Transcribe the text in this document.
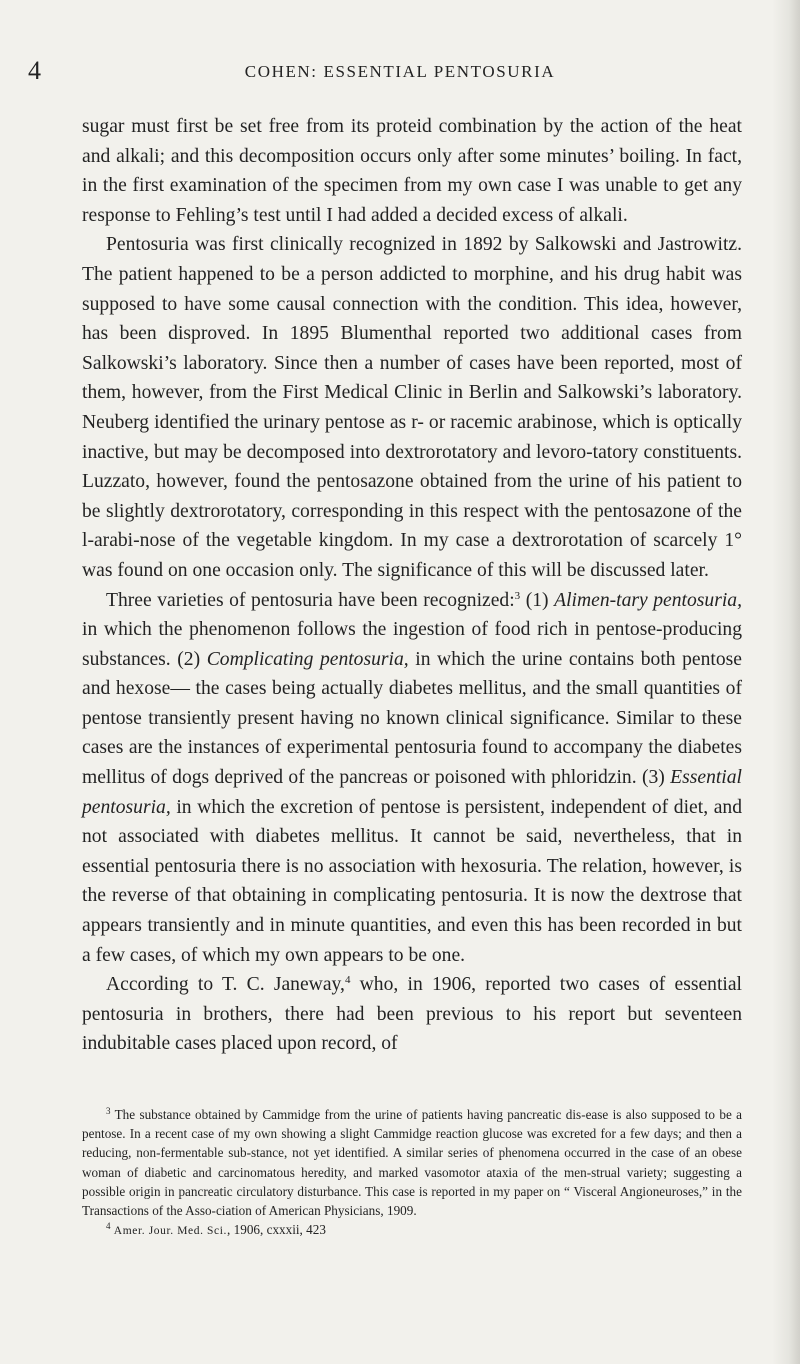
4	COHEN: ESSENTIAL PENTOSURIA

sugar must first be set free from its proteid combination by the action of the heat and alkali; and this decomposition occurs only after some minutes’ boiling. In fact, in the first examination of the specimen from my own case I was unable to get any response to Fehling’s test until I had added a decided excess of alkali.

Pentosuria was first clinically recognized in 1892 by Salkowski and Jastrowitz. The patient happened to be a person addicted to morphine, and his drug habit was supposed to have some causal connection with the condition. This idea, however, has been disproved. In 1895 Blumenthal reported two additional cases from Salkowski’s laboratory. Since then a number of cases have been reported, most of them, however, from the First Medical Clinic in Berlin and Salkowski’s laboratory. Neuberg identified the urinary pentose as r- or racemic arabinose, which is optically inactive, but may be decomposed into dextrorotatory and levoro-tatory constituents. Luzzato, however, found the pentosazone obtained from the urine of his patient to be slightly dextrorotatory, corresponding in this respect with the pentosazone of the l-arabi-nose of the vegetable kingdom. In my case a dextrorotation of scarcely 1° was found on one occasion only. The significance of this will be discussed later.

Three varieties of pentosuria have been recognized:$^3$ (1) Alimen-tary pentosuria, in which the phenomenon follows the ingestion of food rich in pentose-producing substances. (2) Complicating pentosuria, in which the urine contains both pentose and hexose— the cases being actually diabetes mellitus, and the small quantities of pentose transiently present having no known clinical significance. Similar to these cases are the instances of experimental pentosuria found to accompany the diabetes mellitus of dogs deprived of the pancreas or poisoned with phloridzin. (3) Essential pentosuria, in which the excretion of pentose is persistent, independent of diet, and not associated with diabetes mellitus. It cannot be said, nevertheless, that in essential pentosuria there is no association with hexosuria. The relation, however, is the reverse of that obtaining in complicating pentosuria. It is now the dextrose that appears transiently and in minute quantities, and even this has been recorded in but a few cases, of which my own appears to be one.

According to T. C. Janeway,$^4$ who, in 1906, reported two cases of essential pentosuria in brothers, there had been previous to his report but seventeen indubitable cases placed upon record, of

$^3$ The substance obtained by Cammidge from the urine of patients having pancreatic dis-ease is also supposed to be a pentose. In a recent case of my own showing a slight Cammidge reaction glucose was excreted for a few days; and then a reducing, non-fermentable sub-stance, not yet identified. A similar series of phenomena occurred in the case of an obese woman of diabetic and carcinomatous heredity, and marked vasomotor ataxia of the men-strual variety; suggesting a possible origin in pancreatic circulatory disturbance. This case is reported in my paper on “ Visceral Angioneuroses,” in the Transactions of the Asso-ciation of American Physicians, 1909.

$^4$ Amer. Jour. Med. Sci., 1906, cxxxii, 423
